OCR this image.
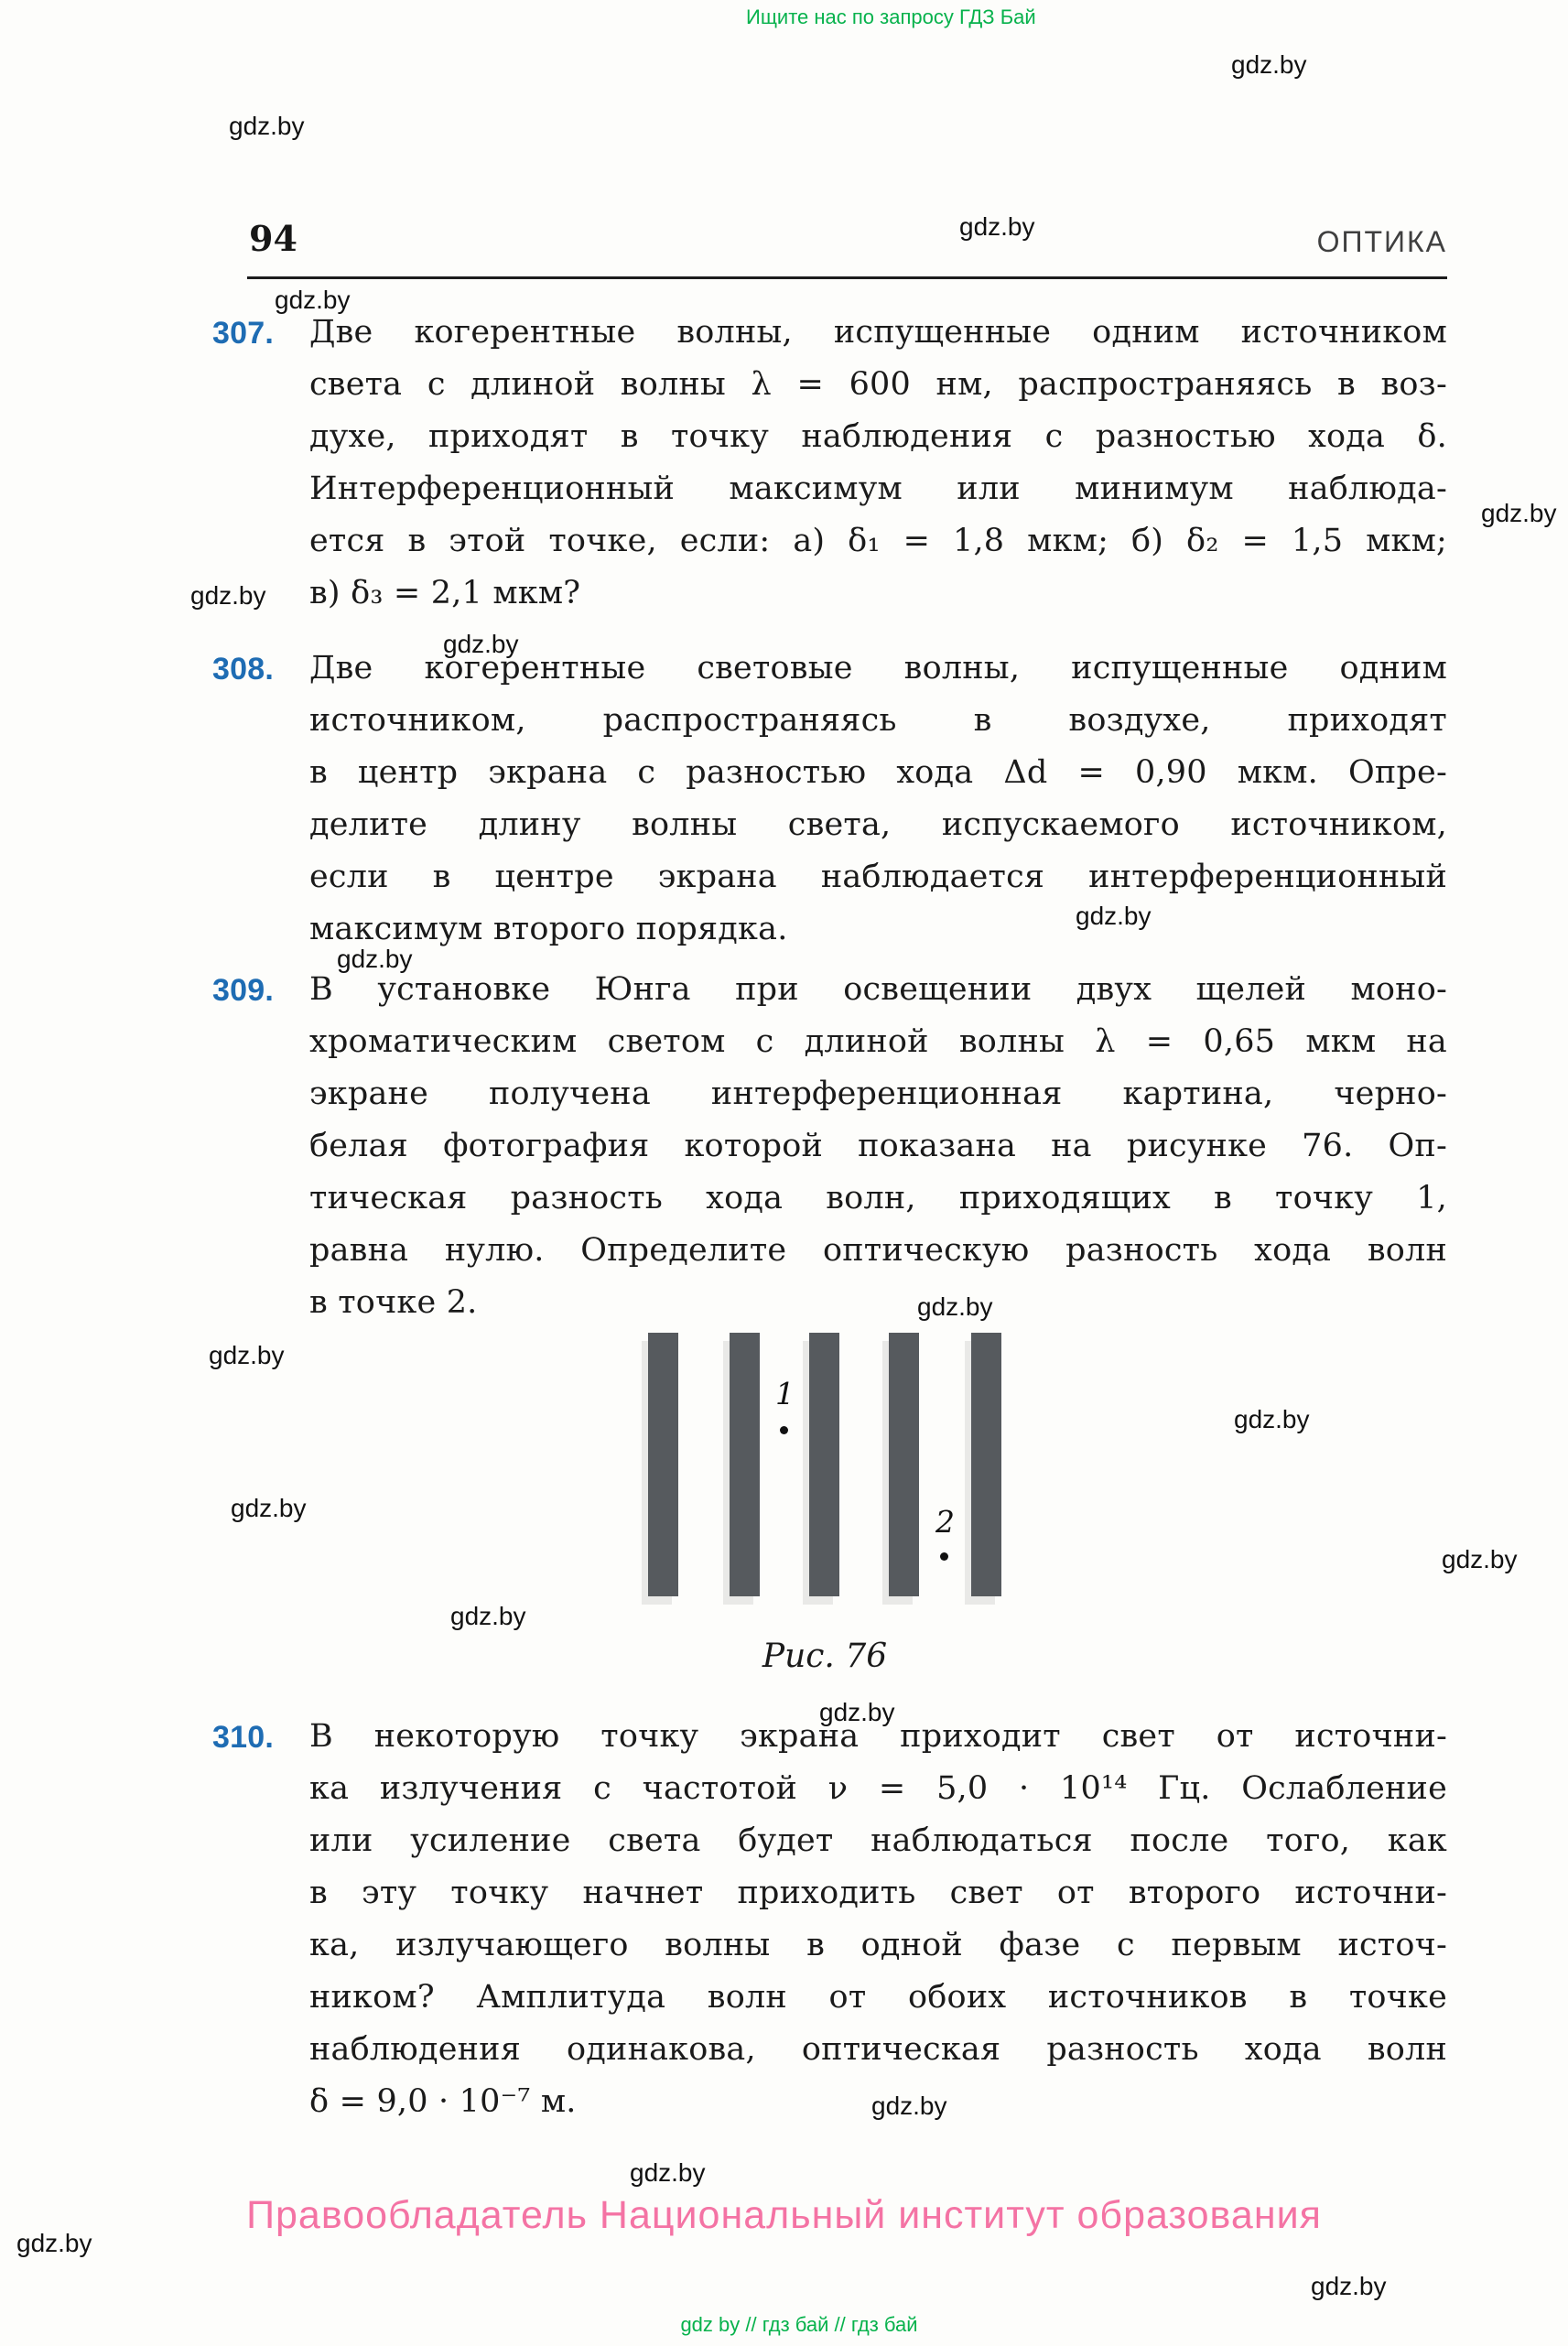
Ищите нас по запросу ГДЗ Бай
gdz by // гдз бай // гдз бай
gdz.by
gdz.by
gdz.by
gdz.by
gdz.by
gdz.by
gdz.by
gdz.by
gdz.by
gdz.by
gdz.by
gdz.by
gdz.by
gdz.by
gdz.by
gdz.by
gdz.by
gdz.by
gdz.by
gdz.by
94	ОПТИКА
307.	Две когерентные волны, испущенные одним источником
света с длиной волны λ = 600 нм, распространяясь в воз-
духе, приходят в точку наблюдения с разностью хода δ.
Интерференционный максимум или минимум наблюда-
ется в этой точке, если: а) δ₁ = 1,8 мкм; б) δ₂ = 1,5 мкм;
в) δ₃ = 2,1 мкм?
308.	Две когерентные световые волны, испущенные одним
источником, распространяясь в воздухе, приходят
в центр экрана с разностью хода Δd = 0,90 мкм. Опре-
делите длину волны света, испускаемого источником,
если в центре экрана наблюдается интерференционный
максимум второго порядка.
309.	В установке Юнга при освещении двух щелей моно-
хроматическим светом с длиной волны λ = 0,65 мкм на
экране получена интерференционная картина, черно-
белая фотография которой показана на рисунке 76. Оп-
тическая разность хода волн, приходящих в точку 1,
равна нулю. Определите оптическую разность хода волн
в точке 2.
1
2
Рис. 76
310.	В некоторую точку экрана приходит свет от источни-
ка излучения с частотой ν = 5,0 · 10¹⁴ Гц. Ослабление
или усиление света будет наблюдаться после того, как
в эту точку начнет приходить свет от второго источни-
ка, излучающего волны в одной фазе с первым источ-
ником? Амплитуда волн от обоих источников в точке
наблюдения одинакова, оптическая разность хода волн
δ = 9,0 · 10⁻⁷ м.
Правообладатель Национальный институт образования
